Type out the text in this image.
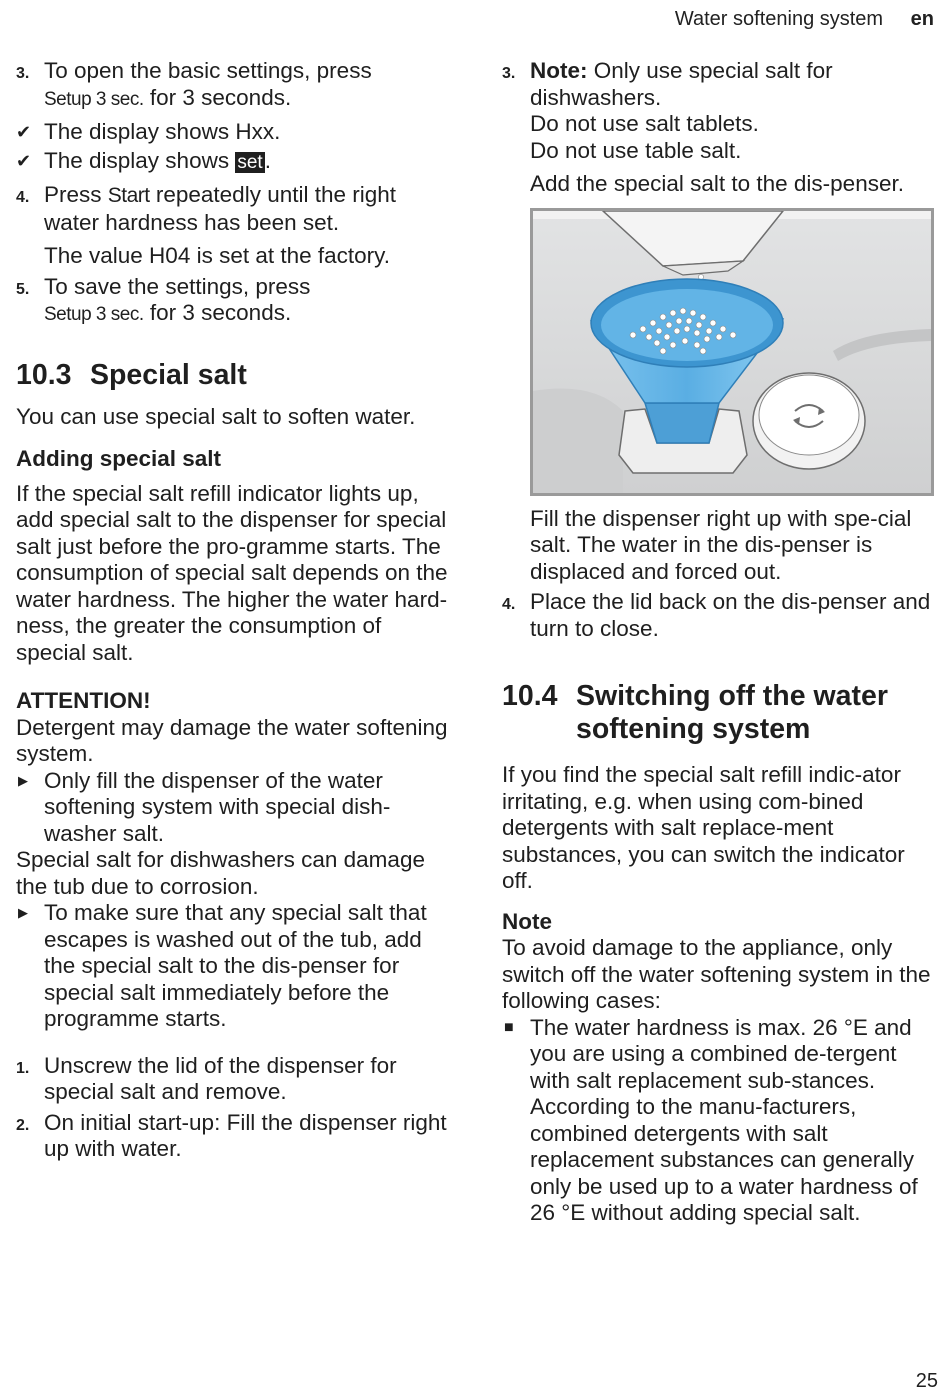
Water softening system en
3. To open the basic settings, press
Setup 3 sec. for 3 seconds.
✔ The display shows Hxx.
✔ The display shows set.
4. Press Start repeatedly until the right water hardness has been set.
The value H04 is set at the factory.
5. To save the settings, press
Setup 3 sec. for 3 seconds.
10.3 Special salt

You can use special salt to soften water.

Adding special salt

If the special salt refill indicator lights up, add special salt to the dispenser for special salt just before the pro-gramme starts. The consumption of special salt depends on the water hardness. The higher the water hard-ness, the greater the consumption of special salt.

ATTENTION!

Detergent may damage the water softening system.

▶ Only fill the dispenser of the water softening system with special dish-washer salt.

Special salt for dishwashers can damage the tub due to corrosion.

▶ To make sure that any special salt that escapes is washed out of the tub, add the special salt to the dis-penser for special salt immediately before the programme starts.
1. Unscrew the lid of the dispenser for special salt and remove.
2. On initial start-up: Fill the dispenser right up with water.
3. Note: Only use special salt for dishwashers.
Do not use salt tablets.
Do not use table salt.
Add the special salt to the dis-penser.
Fill the dispenser right up with spe-cial salt. The water in the dis-penser is displaced and forced out.
4. Place the lid back on the dis-penser and turn to close.
10.4 Switching off the water softening system

If you find the special salt refill indic-ator irritating, e.g. when using com-bined detergents with salt replace-ment substances, you can switch the indicator off.

Note

To avoid damage to the appliance, only switch off the water softening system in the following cases:

■ The water hardness is max. 26 °E and you are using a combined de-tergent with salt replacement sub-stances. According to the manu-facturers, combined detergents with salt replacement substances can generally only be used up to a water hardness of 26 °E without adding special salt.
25
